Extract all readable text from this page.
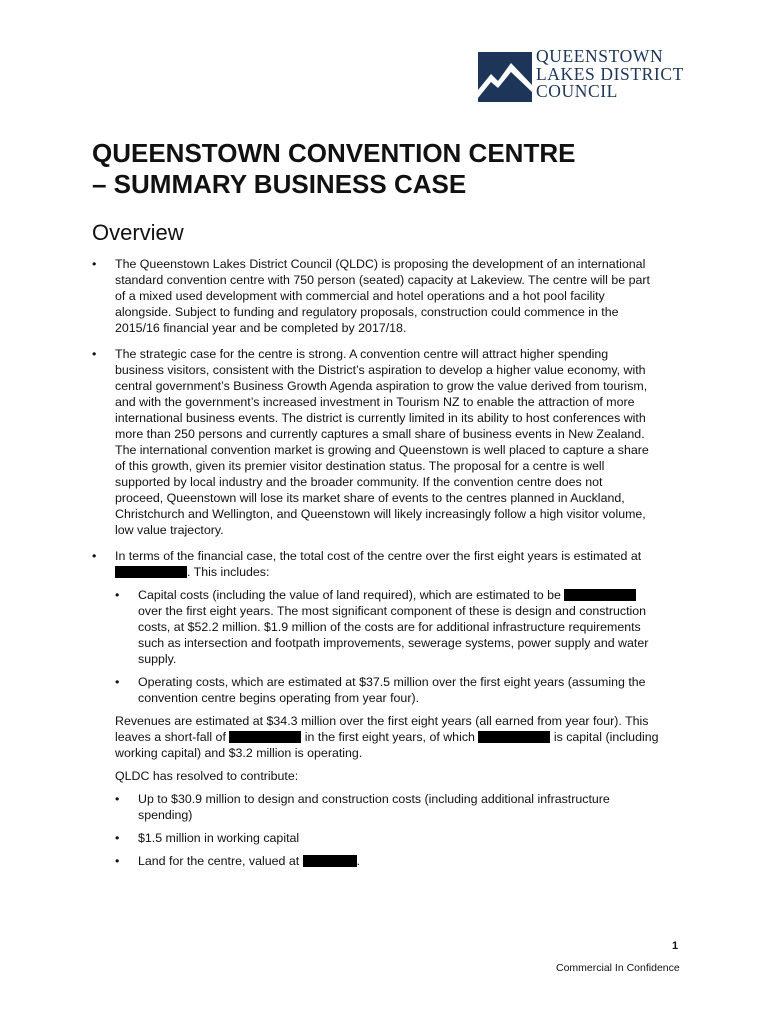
QUEENSTOWN
LAKES DISTRICT
COUNCIL
QUEENSTOWN CONVENTION CENTRE
– SUMMARY BUSINESS CASE
Overview
• The Queenstown Lakes District Council (QLDC) is proposing the development of an international
standard convention centre with 750 person (seated) capacity at Lakeview. The centre will be part
of a mixed used development with commercial and hotel operations and a hot pool facility
alongside. Subject to funding and regulatory proposals, construction could commence in the
2015/16 financial year and be completed by 2017/18.
• The strategic case for the centre is strong. A convention centre will attract higher spending
business visitors, consistent with the District’s aspiration to develop a higher value economy, with
central government’s Business Growth Agenda aspiration to grow the value derived from tourism,
and with the government’s increased investment in Tourism NZ to enable the attraction of more
international business events. The district is currently limited in its ability to host conferences with
more than 250 persons and currently captures a small share of business events in New Zealand.
The international convention market is growing and Queenstown is well placed to capture a share
of this growth, given its premier visitor destination status. The proposal for a centre is well
supported by local industry and the broader community. If the convention centre does not
proceed, Queenstown will lose its market share of events to the centres planned in Auckland,
Christchurch and Wellington, and Queenstown will likely increasingly follow a high visitor volume,
low value trajectory.
• In terms of the financial case, the total cost of the centre over the first eight years is estimated at
. This includes:
• Capital costs (including the value of land required), which are estimated to be
over the first eight years. The most significant component of these is design and construction
costs, at $52.2 million. $1.9 million of the costs are for additional infrastructure requirements
such as intersection and footpath improvements, sewerage systems, power supply and water
supply.
• Operating costs, which are estimated at $37.5 million over the first eight years (assuming the
convention centre begins operating from year four).
Revenues are estimated at $34.3 million over the first eight years (all earned from year four). This
leaves a short-fall of	in the first eight years, of which	is capital (including
working capital) and $3.2 million is operating.
QLDC has resolved to contribute:
• Up to $30.9 million to design and construction costs (including additional infrastructure
spending)
• $1.5 million in working capital
• Land for the centre, valued at	.
1
Commercial In Confidence
